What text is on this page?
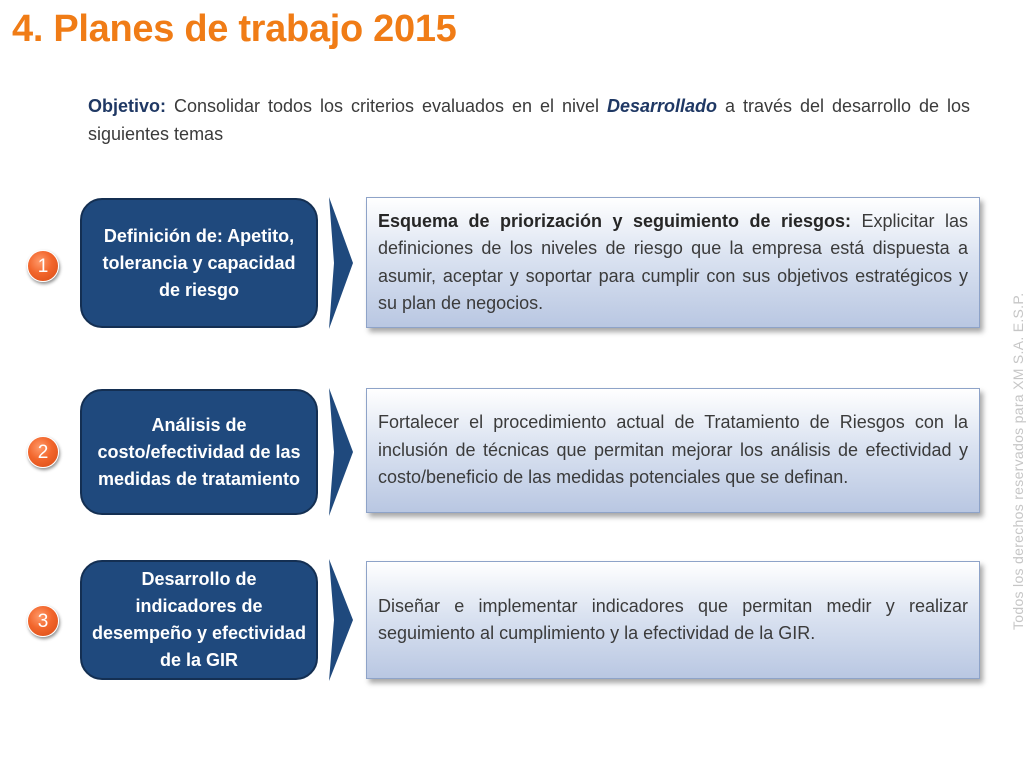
4. Planes de trabajo 2015
Objetivo: Consolidar todos los criterios evaluados en el nivel Desarrollado a través del desarrollo de los siguientes temas
1
Definición de: Apetito, tolerancia y capacidad de riesgo
Esquema de priorización y seguimiento de riesgos: Explicitar las definiciones de los niveles de riesgo que la empresa está dispuesta a asumir, aceptar y soportar para cumplir con sus objetivos estratégicos y su plan de negocios.
2
Análisis de costo/efectividad de las medidas de tratamiento
Fortalecer el procedimiento actual de Tratamiento de Riesgos con la inclusión de técnicas que permitan mejorar los análisis de efectividad y costo/beneficio de las medidas potenciales que se definan.
3
Desarrollo de indicadores de desempeño y efectividad de la GIR
Diseñar e implementar indicadores que permitan medir y realizar seguimiento al cumplimiento y la efectividad de la GIR.
Todos los derechos reservados para XM S.A. E.S.P.
